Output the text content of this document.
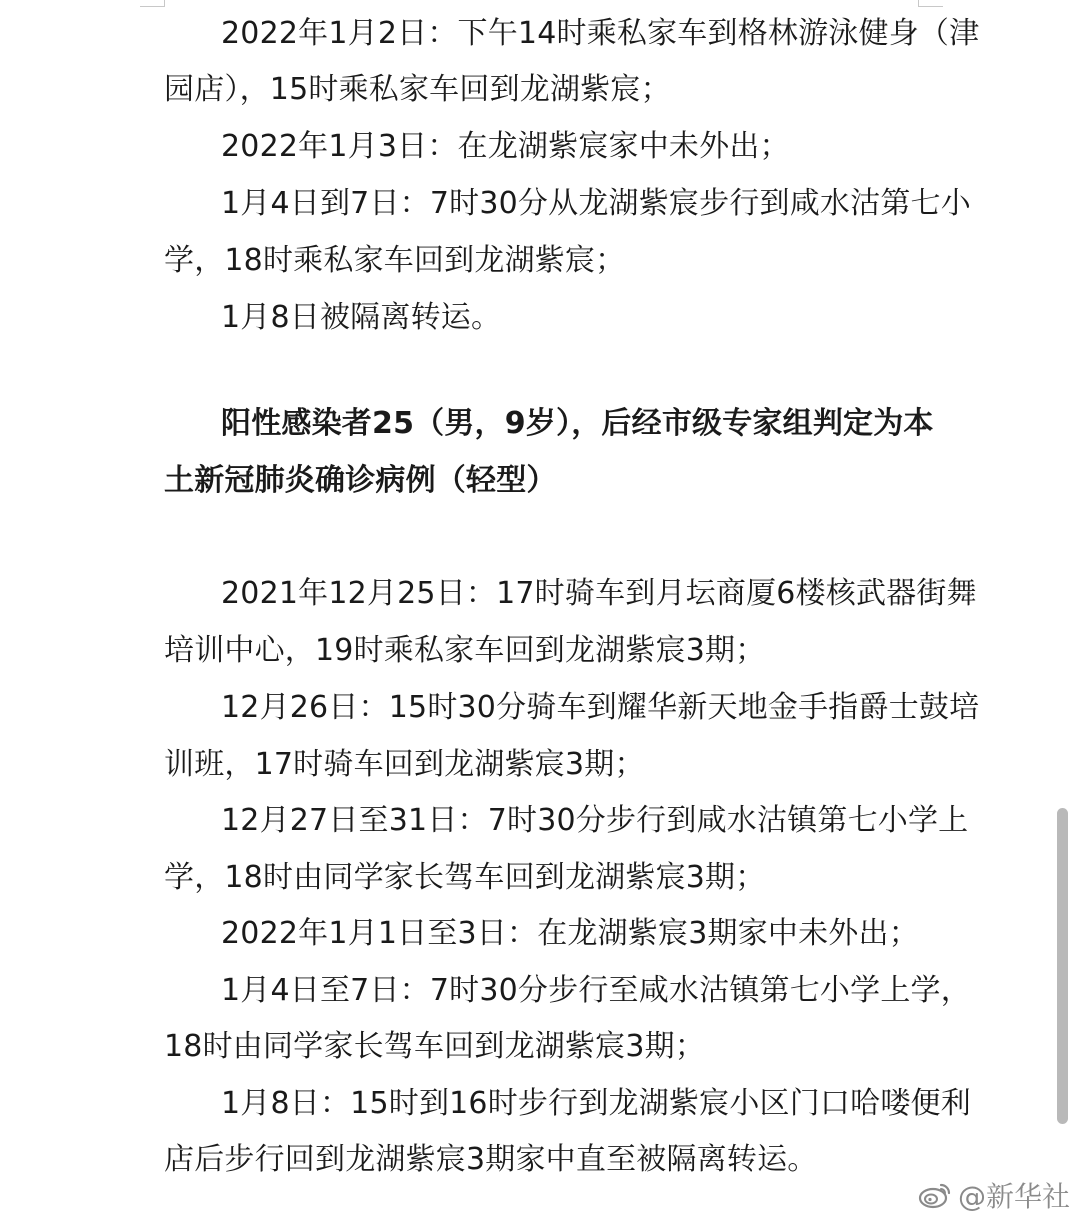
2022年1月2日：下午14时乘私家车到格林游泳健身（津
园店），15时乘私家车回到龙湖紫宸；
2022年1月3日：在龙湖紫宸家中未外出；
1月4日到7日：7时30分从龙湖紫宸步行到咸水沽第七小
学，18时乘私家车回到龙湖紫宸；
1月8日被隔离转运。
阳性感染者25（男，9岁），后经市级专家组判定为本
土新冠肺炎确诊病例（轻型）
2021年12月25日：17时骑车到月坛商厦6楼核武器街舞
培训中心，19时乘私家车回到龙湖紫宸3期；
12月26日：15时30分骑车到耀华新天地金手指爵士鼓培
训班，17时骑车回到龙湖紫宸3期；
12月27日至31日：7时30分步行到咸水沽镇第七小学上
学，18时由同学家长驾车回到龙湖紫宸3期；
2022年1月1日至3日：在龙湖紫宸3期家中未外出；
1月4日至7日：7时30分步行至咸水沽镇第七小学上学，
18时由同学家长驾车回到龙湖紫宸3期；
1月8日：15时到16时步行到龙湖紫宸小区门口哈喽便利
店后步行回到龙湖紫宸3期家中直至被隔离转运。
@新华社
